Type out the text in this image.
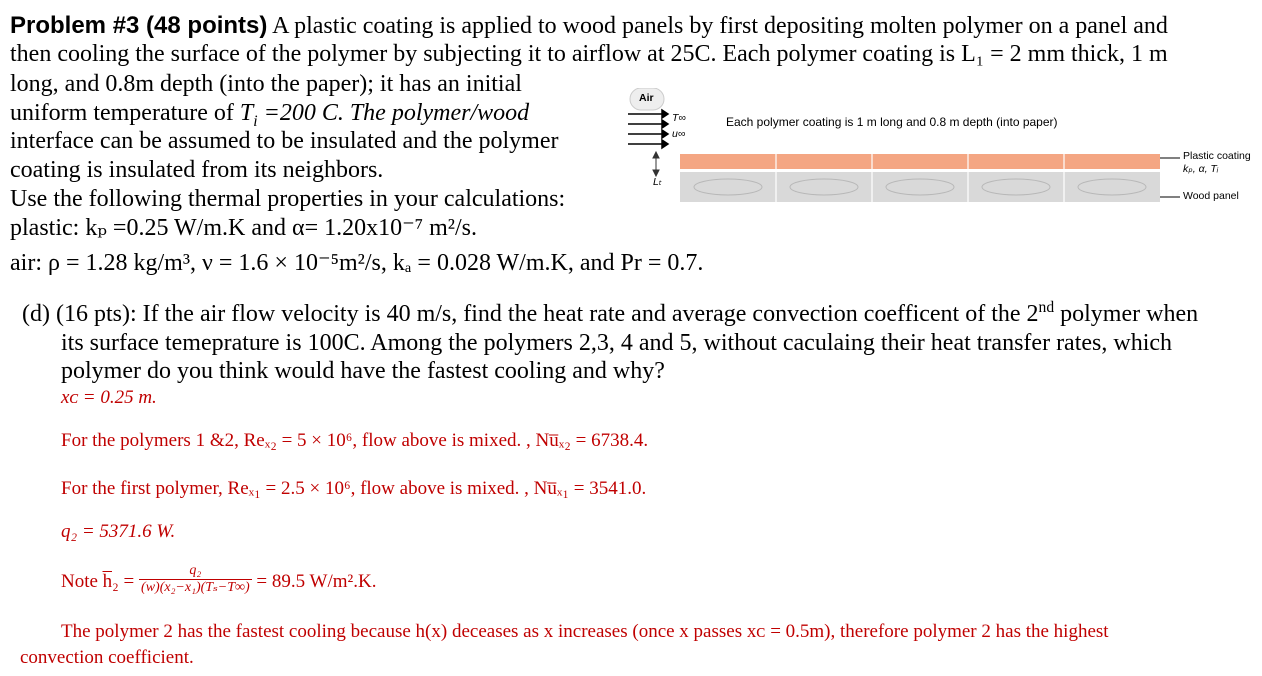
Problem #3 (48 points) A plastic coating is applied to wood panels by first depositing molten polymer on a panel and
then cooling the surface of the polymer by subjecting it to airflow at 25C. Each polymer coating is L₁ = 2 mm thick, 1 m
long, and 0.8m depth (into the paper); it has an initial
uniform temperature of $T_i =200$ C. The polymer/wood
interface can be assumed to be insulated and the polymer
coating is insulated from its neighbors.
Use the following thermal properties in your calculations:
plastic: kₚ =0.25 W/m.K and α= 1.20x10⁻⁷ m²/s.
air: ρ = 1.28 kg/m³, ν = 1.6 × 10⁻⁵m²/s, kₐ = 0.028 W/m.K, and Pr = 0.7.
Air
T∞
u∞
Lₜ
Each polymer coating is 1 m long and 0.8 m depth (into paper)
Plastic coating
kₚ, α, Tᵢ
Wood panel
(d) (16 pts): If the air flow velocity is 40 m/s, find the heat rate and average convection coefficent of the 2nd polymer when
its surface temeprature is 100C. Among the polymers 2,3, 4 and 5, without caculaing their heat transfer rates, which
polymer do you think would have the fastest cooling and why?
xᴄ = 0.25 m.
For the polymers 1 &2, Reₓ₂ = 5 × 10⁶, flow above is mixed. , Nu̅ₓ₂ = 6738.4.
For the first polymer, Reₓ₁ = 2.5 × 10⁶, flow above is mixed. , Nu̅ₓ₁ = 3541.0.
q₂ = 5371.6 W.
Note h̅₂ = $\frac{\text{q₂}}{\text{(w)(x₂−x₁)(Tₛ−T∞)}} = 89.5$ W/m².K.
The polymer 2 has the fastest cooling because h(x) deceases as x increases (once x passes xᴄ = 0.5m), therefore polymer 2 has the highest
convection coefficient.
